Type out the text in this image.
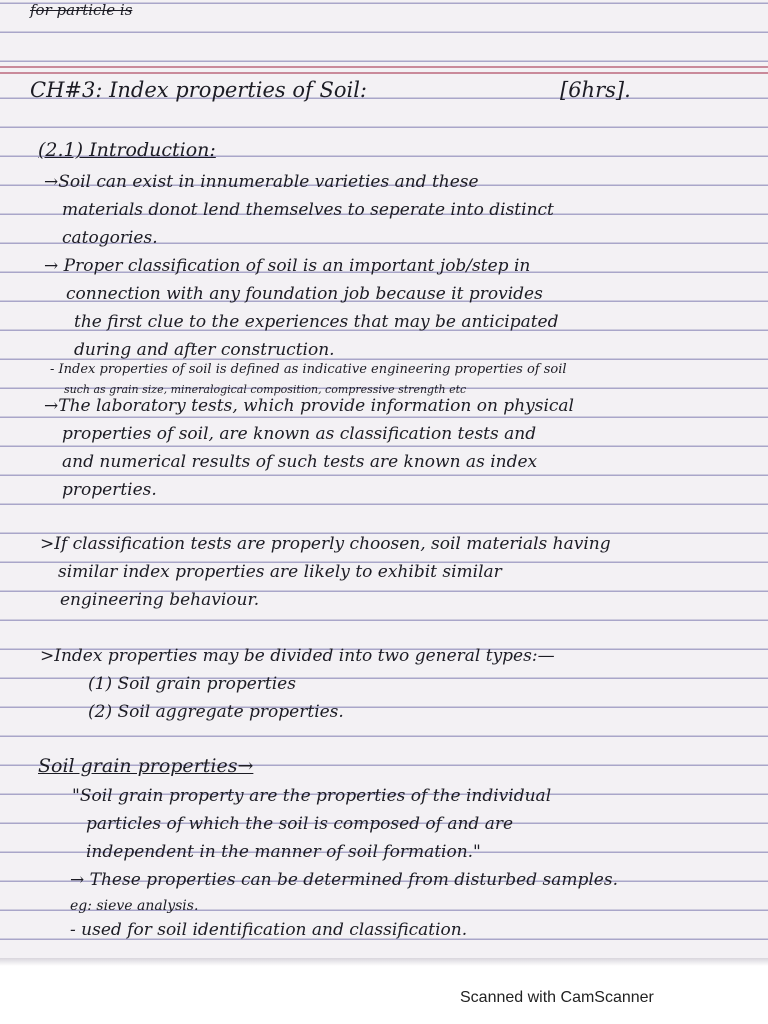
for particle is
CH#3: Index properties of Soil:	[6hrs].
(2.1) Introduction:
→Soil can exist in innumerable varieties and these
materials donot lend themselves to seperate into distinct
catogories.
→ Proper classification of soil is an important job/step in
connection with any foundation job because it provides
the first clue to the experiences that may be anticipated
during and after construction.
- Index properties of soil is defined as indicative engineering properties of soil
such as grain size, mineralogical composition, compressive strength etc
→The laboratory tests, which provide information on physical
properties of soil, are known as classification tests and
and numerical results of such tests are known as index
properties.
>If classification tests are properly choosen, soil materials having
similar index properties are likely to exhibit similar
engineering behaviour.
>Index properties may be divided into two general types:—
(1) Soil grain properties
(2) Soil aggregate properties.
Soil grain properties→
"Soil grain property are the properties of the individual
particles of which the soil is composed of and are
independent in the manner of soil formation."
→ These properties can be determined from disturbed samples.
eg: sieve analysis.
- used for soil identification and classification.
Scanned with CamScanner
